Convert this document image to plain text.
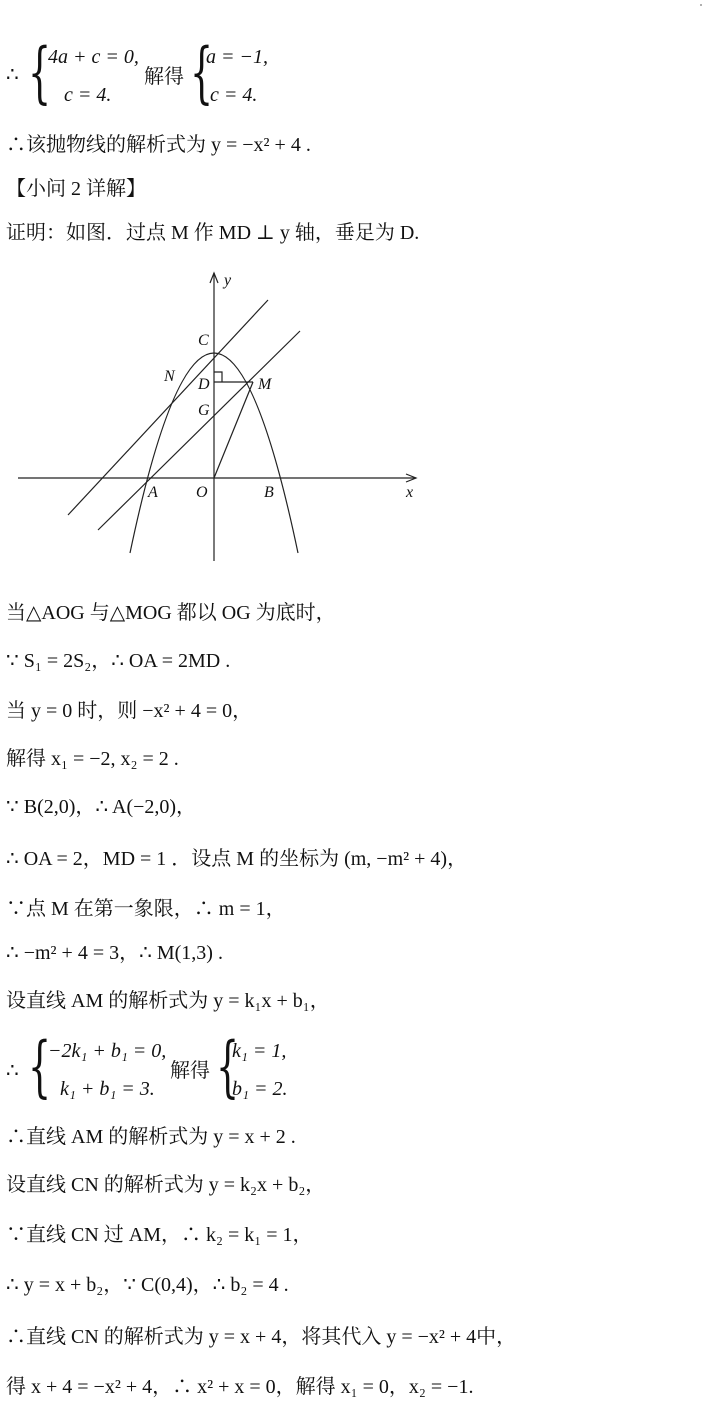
∴ {
4a + c = 0,
c = 4.
解得 {
a = −1,
c = 4.
∴该抛物线的解析式为 y = −x² + 4 .
【小问 2 详解】
证明：如图．过点 M 作 MD ⊥ y 轴，垂足为 D.
y
x
C
N D	M
G
A O	B
当△AOG 与△MOG 都以 OG 为底时，
∵ S₁ = 2S₂，∴ OA = 2MD .
当 y = 0 时，则 −x² + 4 = 0，
解得 x₁ = −2, x₂ = 2 .
∵ B(2,0)，∴ A(−2,0)，
∴ OA = 2，MD = 1 ．设点 M 的坐标为 (m, −m² + 4)，
∵点 M 在第一象限，∴ m = 1，
∴ −m² + 4 = 3，∴ M(1,3) .
设直线 AM 的解析式为 y = k₁x + b₁，
∴ {
−2k₁ + b₁ = 0,
k₁ + b₁ = 3.
解得 {
k₁ = 1,
b₁ = 2.
∴直线 AM 的解析式为 y = x + 2 .
设直线 CN 的解析式为 y = k₂x + b₂，
∵直线 CN 过 AM，∴ k₂ = k₁ = 1，
∴ y = x + b₂，∵ C(0,4)，∴ b₂ = 4 .
∴直线 CN 的解析式为 y = x + 4，将其代入 y = −x² + 4中，
得 x + 4 = −x² + 4，∴ x² + x = 0，解得 x₁ = 0，x₂ = −1.
